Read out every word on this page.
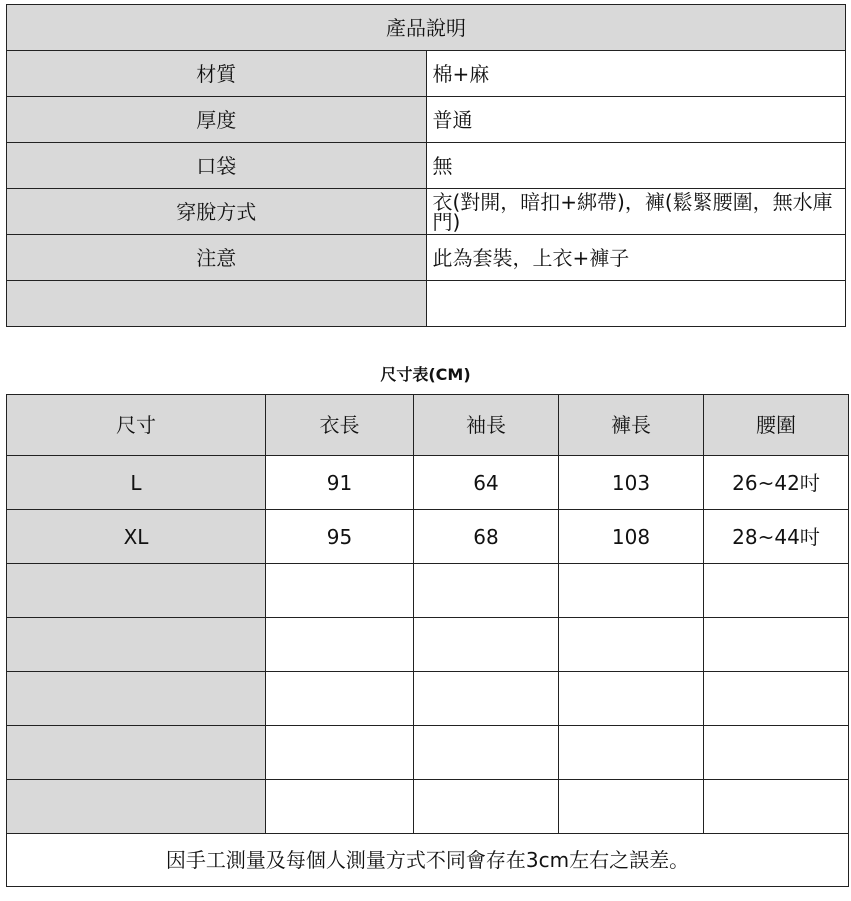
產品說明	
材質	棉+麻
厚度	普通
口袋	無
穿脫方式	衣(對開，暗扣+綁帶)，褲(鬆緊腰圍，無水庫門)
注意	此為套裝，上衣+褲子

尺寸表(CM)
尺寸	衣長	袖長	褲長	腰圍
L	91	64	103	26~42吋
XL	95	68	108	28~44吋

因手工測量及每個人測量方式不同會存在3cm左右之誤差。				
